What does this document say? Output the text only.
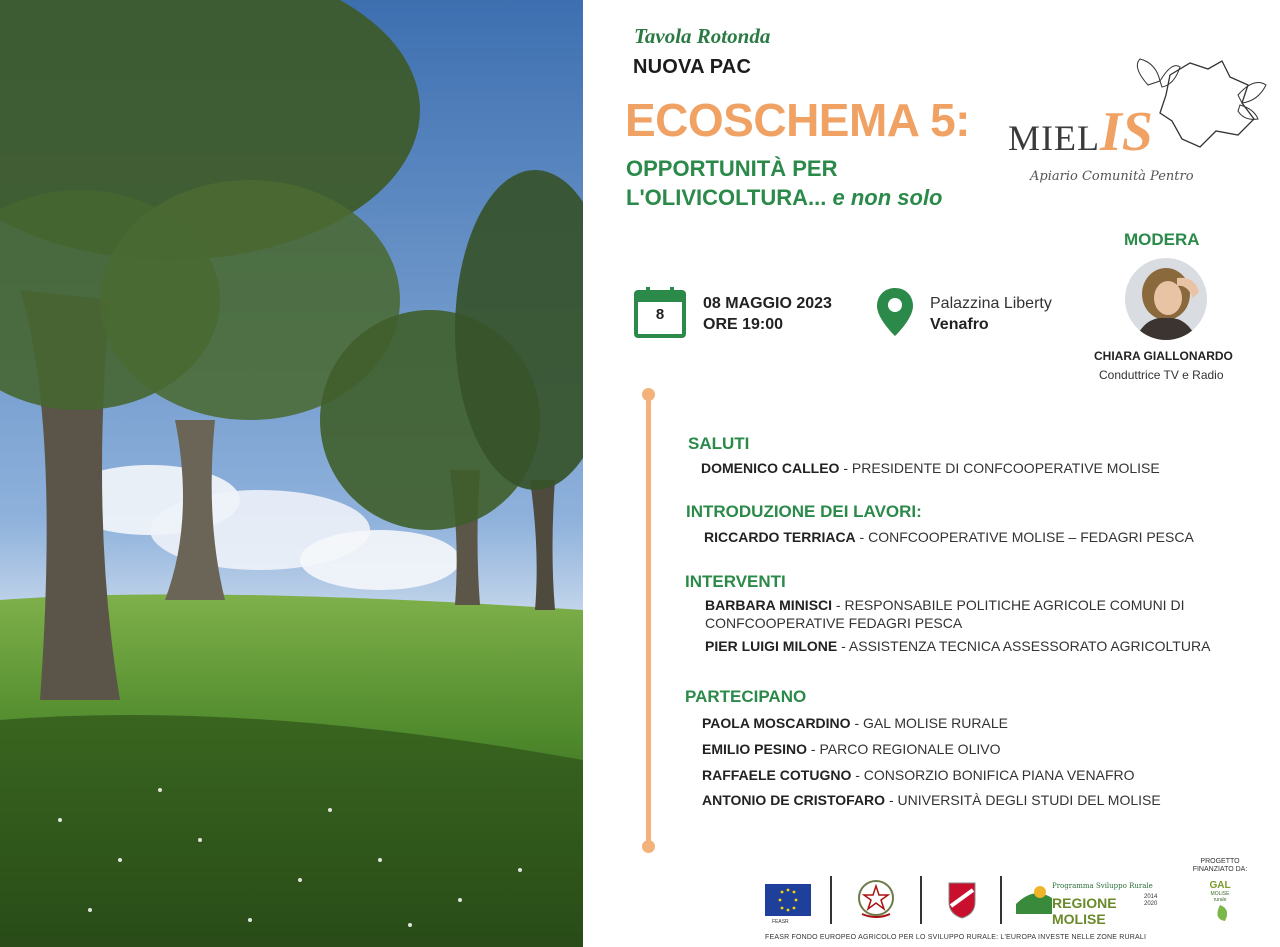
Tavola Rotonda
NUOVA PAC
ECOSCHEMA 5:
OPPORTUNITÀ PER
L'OLIVICOLTURA... e non solo
MIELIS
Apiario Comunità Pentro
8
08 MAGGIO 2023
ORE 19:00
Palazzina Liberty
Venafro
MODERA
CHIARA GIALLONARDO
Conduttrice TV e Radio
SALUTI
DOMENICO CALLEO - PRESIDENTE DI CONFCOOPERATIVE MOLISE
INTRODUZIONE DEI LAVORI:
RICCARDO TERRIACA - CONFCOOPERATIVE MOLISE – FEDAGRI PESCA
INTERVENTI
BARBARA MINISCI - RESPONSABILE POLITICHE AGRICOLE COMUNI DI
CONFCOOPERATIVE FEDAGRI PESCA
PIER LUIGI MILONE - ASSISTENZA TECNICA ASSESSORATO AGRICOLTURA
PARTECIPANO
PAOLA MOSCARDINO - GAL MOLISE RURALE
EMILIO PESINO - PARCO REGIONALE OLIVO
RAFFAELE COTUGNO - CONSORZIO BONIFICA PIANA VENAFRO
ANTONIO DE CRISTOFARO - UNIVERSITÀ DEGLI STUDI DEL MOLISE
FEASR
Programma Sviluppo Rurale
REGIONE MOLISE
2014 2020
PROGETTO
FINANZIATO DA:
GAL
MOLISE rurale
FEASR FONDO EUROPEO AGRICOLO PER LO SVILUPPO RURALE: L'EUROPA INVESTE NELLE ZONE RURALI
